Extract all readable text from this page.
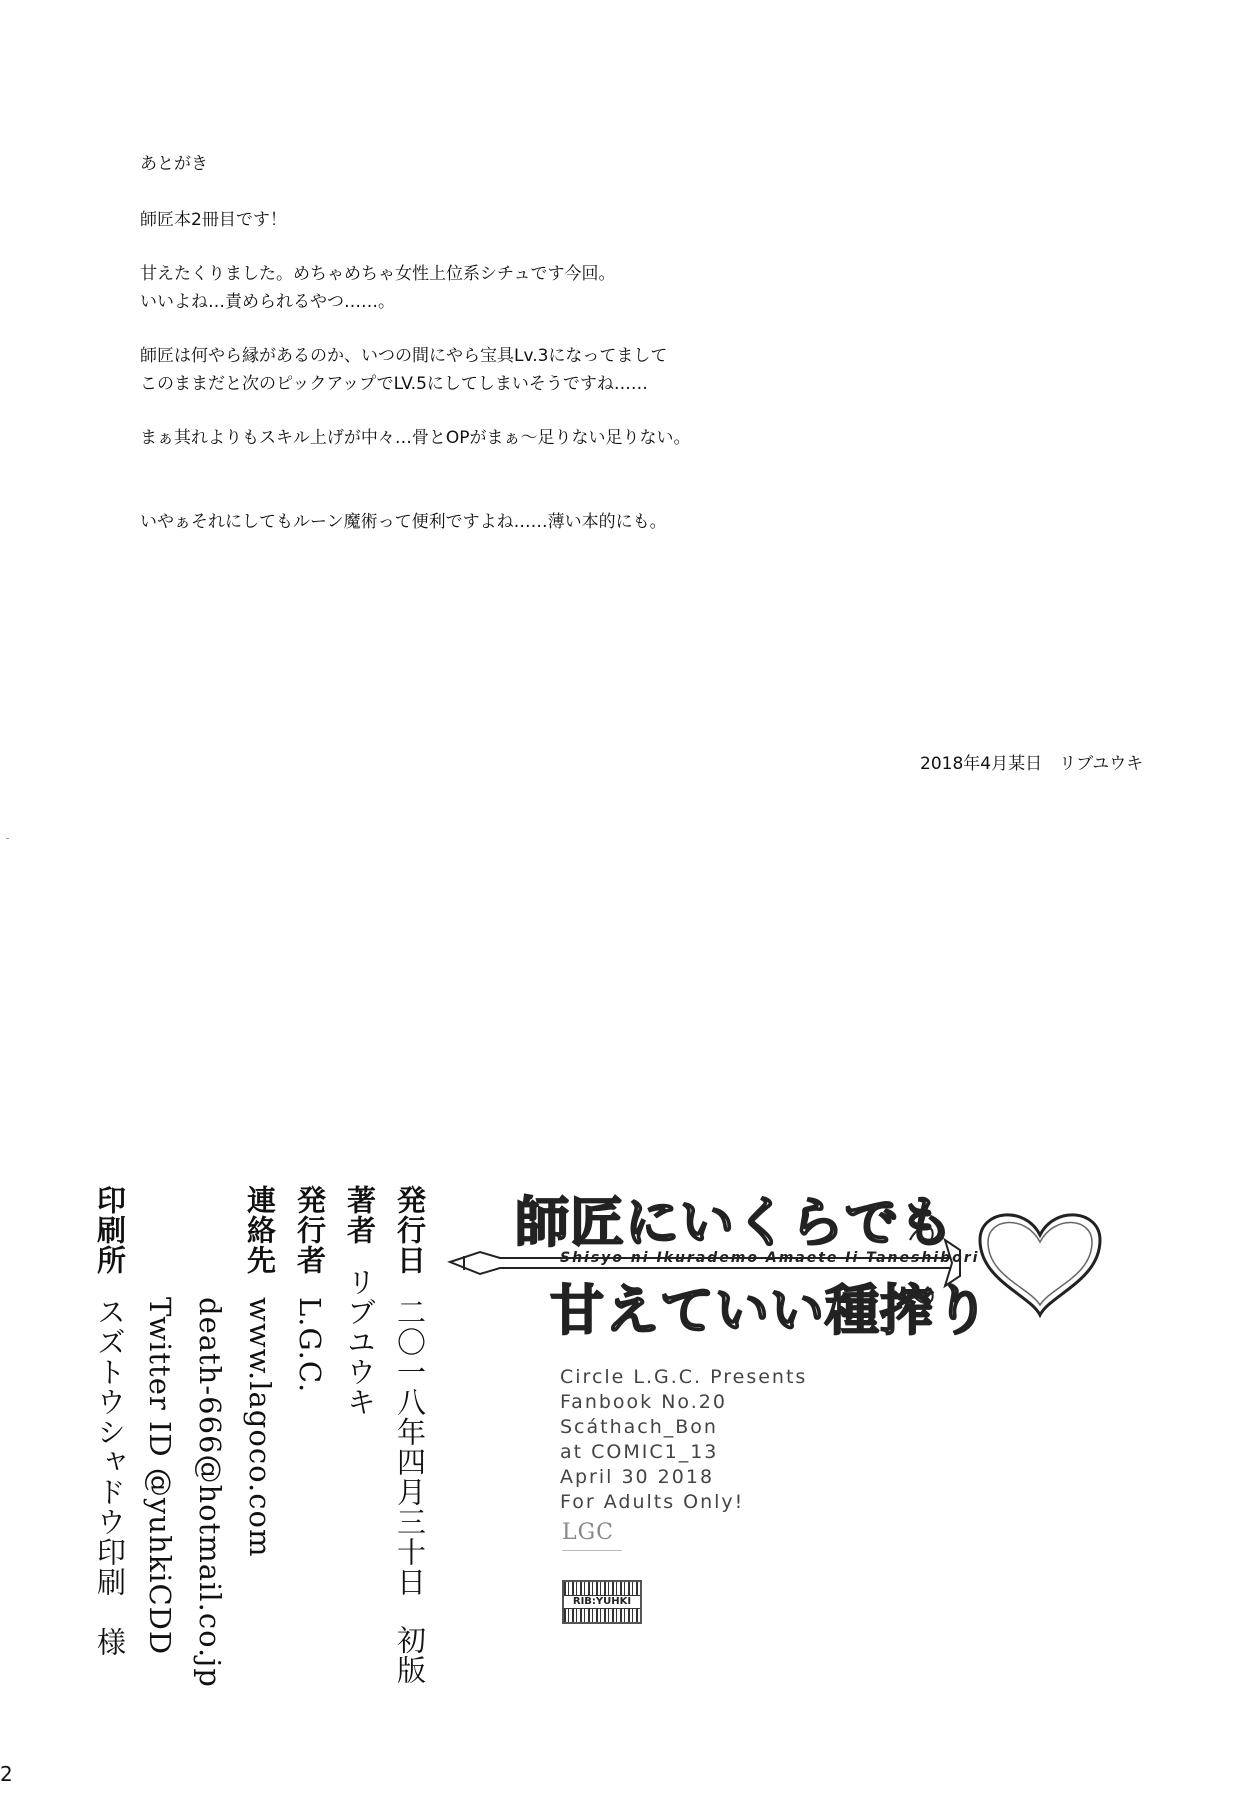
あとがき

師匠本2冊目です！

甘えたくりました。めちゃめちゃ女性上位系シチュです今回。

いいよね…責められるやつ……。

師匠は何やら縁があるのか、いつの間にやら宝具Lv.3になってまして

このままだと次のピックアップでLV.5にしてしまいそうですね……

まぁ其れよりもスキル上げが中々…骨とOPがまぁ～足りない足りない。

いやぁそれにしてもルーン魔術って便利ですよね……薄い本的にも。

2018年4月某日　リブユウキ
発行日
二〇一八年四月三十日
初版
著者
リブユウキ
発行者
L.G.C.
連絡先
www.lagoco.com

death-666@hotmail.co.jp

Twitter ID @yuhkiCDD
印刷所
スズトウシャドウ印刷　様
師匠にいくらでも
Shisyo ni Ikurademo Amaete Ii Taneshibori
甘えていい種搾り
Circle L.G.C. Presents
Fanbook No.20
Scáthach_Bon
at COMIC1_13
April 30 2018
For Adults Only!
LGC
RIB:YUHKI
2
